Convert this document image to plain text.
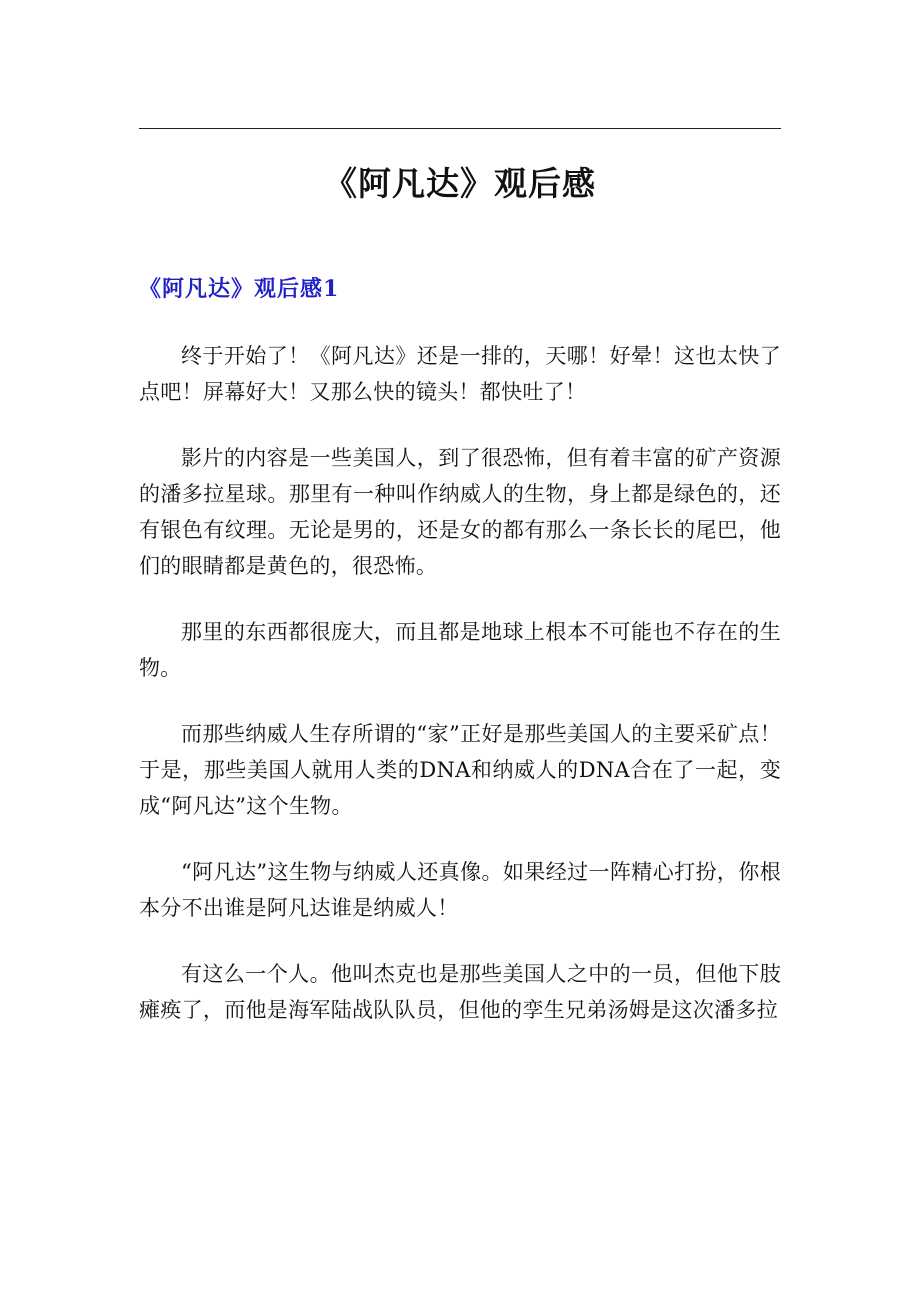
《阿凡达》观后感
《阿凡达》观后感1

终于开始了！《阿凡达》还是一排的，天哪！好晕！这也太快了点吧！屏幕好大！又那么快的镜头！都快吐了！

影片的内容是一些美国人，到了很恐怖，但有着丰富的矿产资源的潘多拉星球。那里有一种叫作纳威人的生物，身上都是绿色的，还有银色有纹理。无论是男的，还是女的都有那么一条长长的尾巴，他们的眼睛都是黄色的，很恐怖。

那里的东西都很庞大，而且都是地球上根本不可能也不存在的生物。

而那些纳威人生存所谓的“家”正好是那些美国人的主要采矿点！于是，那些美国人就用人类的DNA和纳威人的DNA合在了一起，变成“阿凡达”这个生物。

“阿凡达”这生物与纳威人还真像。如果经过一阵精心打扮，你根本分不出谁是阿凡达谁是纳威人！

有这么一个人。他叫杰克也是那些美国人之中的一员，但他下肢瘫痪了，而他是海军陆战队队员，但他的孪生兄弟汤姆是这次潘多拉
